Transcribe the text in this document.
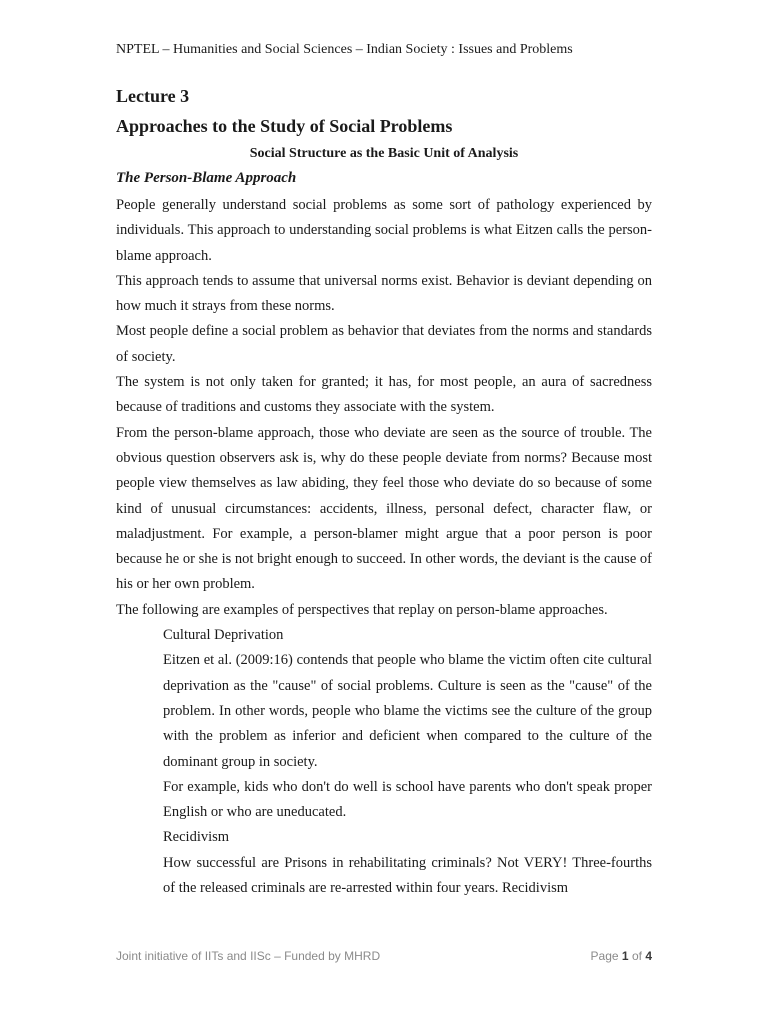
NPTEL – Humanities and Social Sciences – Indian Society : Issues and Problems
Lecture 3
Approaches to the Study of Social Problems
Social Structure as the Basic Unit of Analysis
The Person-Blame Approach

People generally understand social problems as some sort of pathology experienced by individuals. This approach to understanding social problems is what Eitzen calls the person-blame approach.

This approach tends to assume that universal norms exist. Behavior is deviant depending on how much it strays from these norms.

Most people define a social problem as behavior that deviates from the norms and standards of society.

The system is not only taken for granted; it has, for most people, an aura of sacredness because of traditions and customs they associate with the system.

From the person-blame approach, those who deviate are seen as the source of trouble. The obvious question observers ask is, why do these people deviate from norms? Because most people view themselves as law abiding, they feel those who deviate do so because of some kind of unusual circumstances: accidents, illness, personal defect, character flaw, or maladjustment. For example, a person-blamer might argue that a poor person is poor because he or she is not bright enough to succeed. In other words, the deviant is the cause of his or her own problem.

The following are examples of perspectives that replay on person-blame approaches.

Cultural Deprivation

Eitzen et al. (2009:16) contends that people who blame the victim often cite cultural deprivation as the "cause" of social problems. Culture is seen as the "cause" of the problem. In other words, people who blame the victims see the culture of the group with the problem as inferior and deficient when compared to the culture of the dominant group in society.

For example, kids who don't do well is school have parents who don't speak proper English or who are uneducated.

Recidivism

How successful are Prisons in rehabilitating criminals? Not VERY! Three-fourths of the released criminals are re-arrested within four years. Recidivism

Joint initiative of IITs and IISc – Funded by MHRD	Page 1 of 4
